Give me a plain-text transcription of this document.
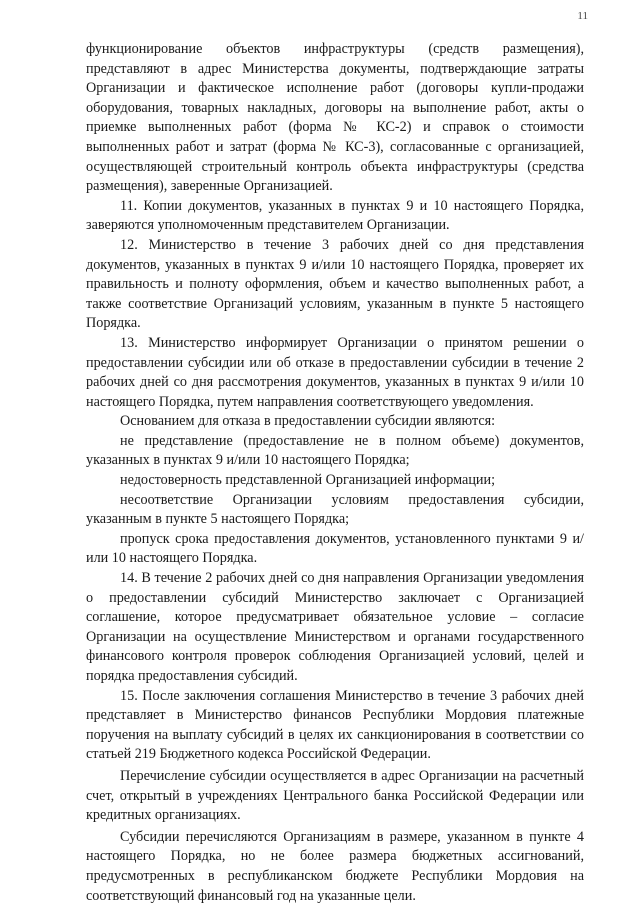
11

функционирование объектов инфраструктуры (средств размещения), представляют в адрес Министерства документы, подтверждающие затраты Организации и фактическое исполнение работ (договоры купли-продажи оборудования, товарных накладных, договоры на выполнение работ, акты о приемке выполненных работ (форма № КС-2) и справок о стоимости выполненных работ и затрат (форма № КС-3), согласованные с организацией, осуществляющей строительный контроль объекта инфраструктуры (средства размещения), заверенные Организацией.

11. Копии документов, указанных в пунктах 9 и 10 настоящего Порядка, заверяются уполномоченным представителем Организации.

12. Министерство в течение 3 рабочих дней со дня представления документов, указанных в пунктах 9 и/или 10 настоящего Порядка, проверяет их правильность и полноту оформления, объем и качество выполненных работ, а также соответствие Организаций условиям, указанным в пункте 5 настоящего Порядка.

13. Министерство информирует Организации о принятом решении о предоставлении субсидии или об отказе в предоставлении субсидии в течение 2 рабочих дней со дня рассмотрения документов, указанных в пунктах 9 и/или 10 настоящего Порядка, путем направления соответствующего уведомления.

Основанием для отказа в предоставлении субсидии являются:

не представление (предоставление не в полном объеме) документов, указанных в пунктах 9 и/или 10 настоящего Порядка;

недостоверность представленной Организацией информации;

несоответствие Организации условиям предоставления субсидии, указанным в пункте 5 настоящего Порядка;

пропуск срока предоставления документов, установленного пунктами 9 и/или 10 настоящего Порядка.

14. В течение 2 рабочих дней со дня направления Организации уведомления о предоставлении субсидий Министерство заключает с Организацией соглашение, которое предусматривает обязательное условие – согласие Организации на осуществление Министерством и органами государственного финансового контроля проверок соблюдения Организацией условий, целей и порядка предоставления субсидий.

15. После заключения соглашения Министерство в течение 3 рабочих дней представляет в Министерство финансов Республики Мордовия платежные поручения на выплату субсидий в целях их санкционирования в соответствии со статьей 219 Бюджетного кодекса Российской Федерации.

Перечисление субсидии осуществляется в адрес Организации на расчетный счет, открытый в учреждениях Центрального банка Российской Федерации или кредитных организациях.

Субсидии перечисляются Организациям в размере, указанном в пункте 4 настоящего Порядка, но не более размера бюджетных ассигнований, предусмотренных в республиканском бюджете Республики Мордовия на соответствующий финансовый год на указанные цели.
